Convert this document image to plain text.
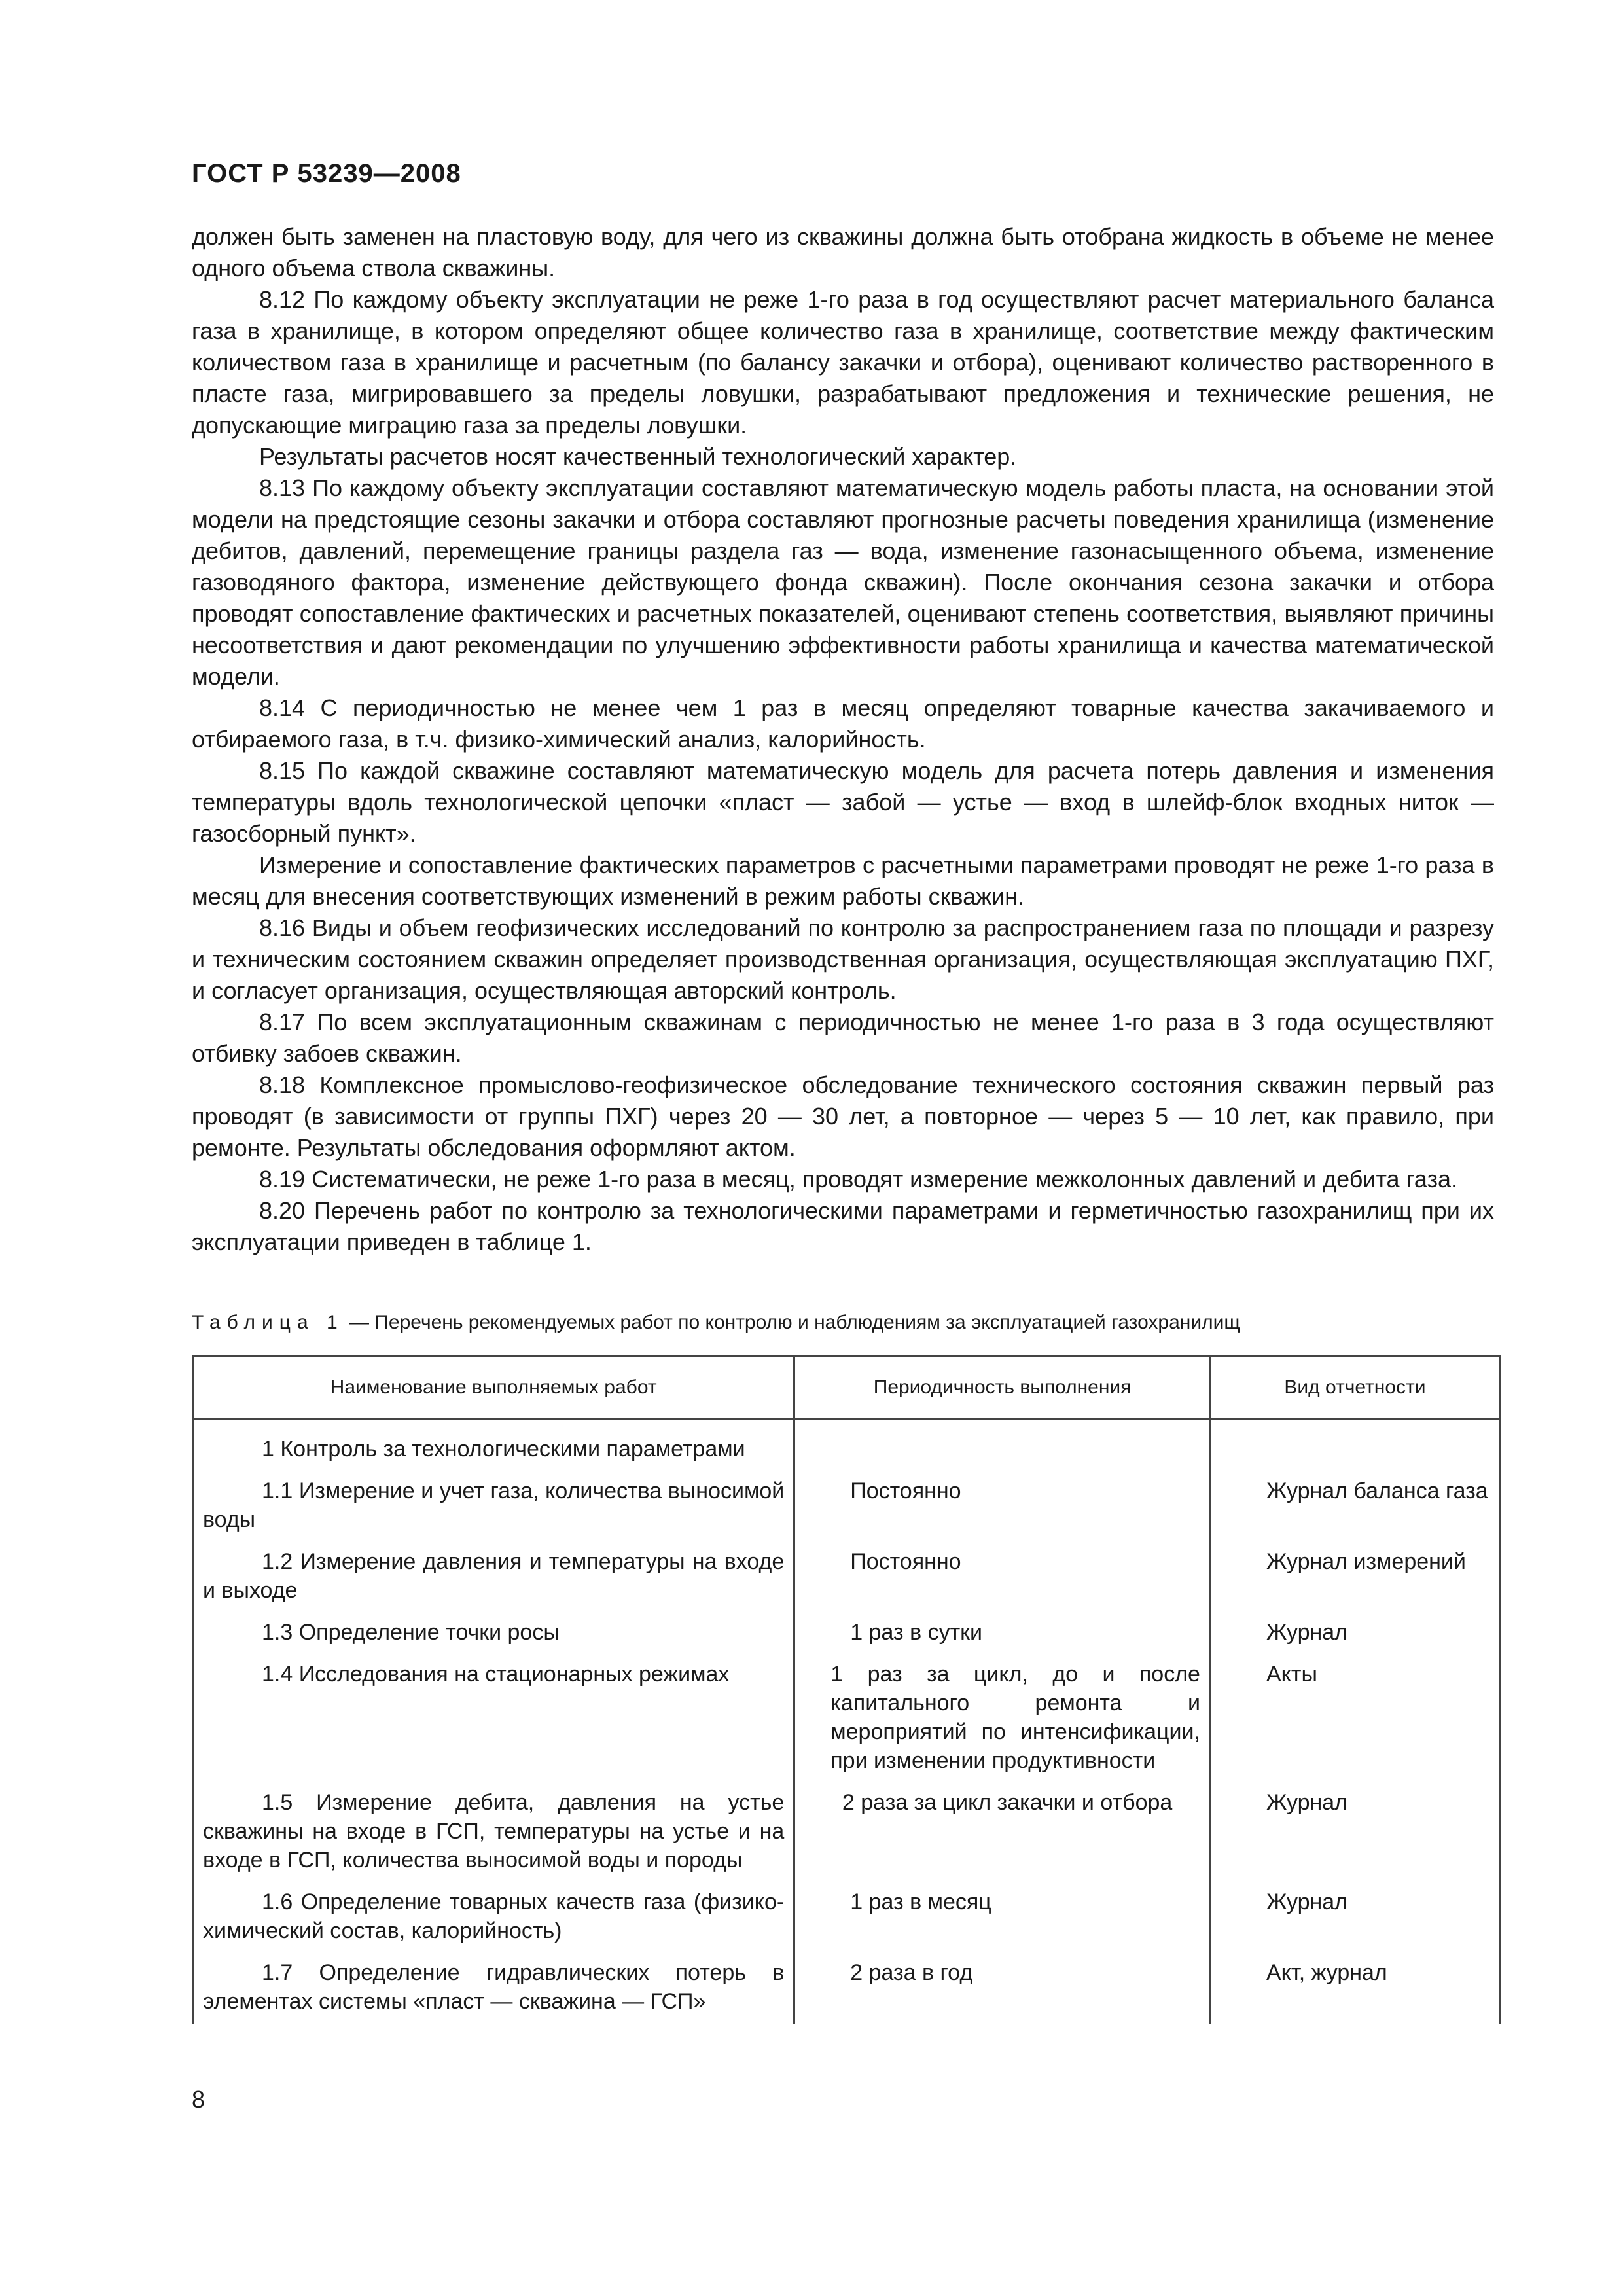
ГОСТ Р 53239—2008

должен быть заменен на пластовую воду, для чего из скважины должна быть отобрана жидкость в объеме не менее одного объема ствола скважины.

8.12 По каждому объекту эксплуатации не реже 1-го раза в год осуществляют расчет материального баланса газа в хранилище, в котором определяют общее количество газа в хранилище, соответствие между фактическим количеством газа в хранилище и расчетным (по балансу закачки и отбора), оценивают количество растворенного в пласте газа, мигрировавшего за пределы ловушки, разрабатывают предложения и технические решения, не допускающие миграцию газа за пределы ловушки.

Результаты расчетов носят качественный технологический характер.

8.13 По каждому объекту эксплуатации составляют математическую модель работы пласта, на основании этой модели на предстоящие сезоны закачки и отбора составляют прогнозные расчеты поведения хранилища (изменение дебитов, давлений, перемещение границы раздела газ — вода, изменение газонасыщенного объема, изменение газоводяного фактора, изменение действующего фонда скважин). После окончания сезона закачки и отбора проводят сопоставление фактических и расчетных показателей, оценивают степень соответствия, выявляют причины несоответствия и дают рекомендации по улучшению эффективности работы хранилища и качества математической модели.

8.14 С периодичностью не менее чем 1 раз в месяц определяют товарные качества закачиваемого и отбираемого газа, в т.ч. физико-химический анализ, калорийность.

8.15 По каждой скважине составляют математическую модель для расчета потерь давления и изменения температуры вдоль технологической цепочки «пласт — забой — устье — вход в шлейф-блок входных ниток — газосборный пункт».

Измерение и сопоставление фактических параметров с расчетными параметрами проводят не реже 1-го раза в месяц для внесения соответствующих изменений в режим работы скважин.

8.16 Виды и объем геофизических исследований по контролю за распространением газа по площади и разрезу и техническим состоянием скважин определяет производственная организация, осуществляющая эксплуатацию ПХГ, и согласует организация, осуществляющая авторский контроль.

8.17 По всем эксплуатационным скважинам с периодичностью не менее 1-го раза в 3 года осуществляют отбивку забоев скважин.

8.18 Комплексное промыслово-геофизическое обследование технического состояния скважин первый раз проводят (в зависимости от группы ПХГ) через 20 — 30 лет, а повторное — через 5 — 10 лет, как правило, при ремонте. Результаты обследования оформляют актом.

8.19 Систематически, не реже 1-го раза в месяц, проводят измерение межколонных давлений и дебита газа.

8.20 Перечень работ по контролю за технологическими параметрами и герметичностью газохранилищ при их эксплуатации приведен в таблице 1.

Таблица 1 — Перечень рекомендуемых работ по контролю и наблюдениям за эксплуатацией газохранилищ
Наименование выполняемых работ	Периодичность выполнения	Вид отчетности

1 Контроль за технологическими параметрами		

1.1 Измерение и учет газа, количества выносимой воды	Постоянно	Журнал баланса газа

1.2 Измерение давления и температуры на входе и выходе	Постоянно	Журнал измерений

1.3 Определение точки росы	1 раз в сутки	Журнал

1.4 Исследования на стационарных режимах	1 раз за цикл, до и после капитального ремонта и мероприятий по интенсификации, при изменении продуктивности	Акты

1.5 Измерение дебита, давления на устье скважины на входе в ГСП, температуры на устье и на входе в ГСП, количества выносимой воды и породы	2 раза за цикл закачки и отбора	Журнал

1.6 Определение товарных качеств газа (физико-химический состав, калорийность)	1 раз в месяц	Журнал

1.7 Определение гидравлических потерь в элементах системы «пласт — скважина — ГСП»	2 раза в год	Акт, журнал
8
